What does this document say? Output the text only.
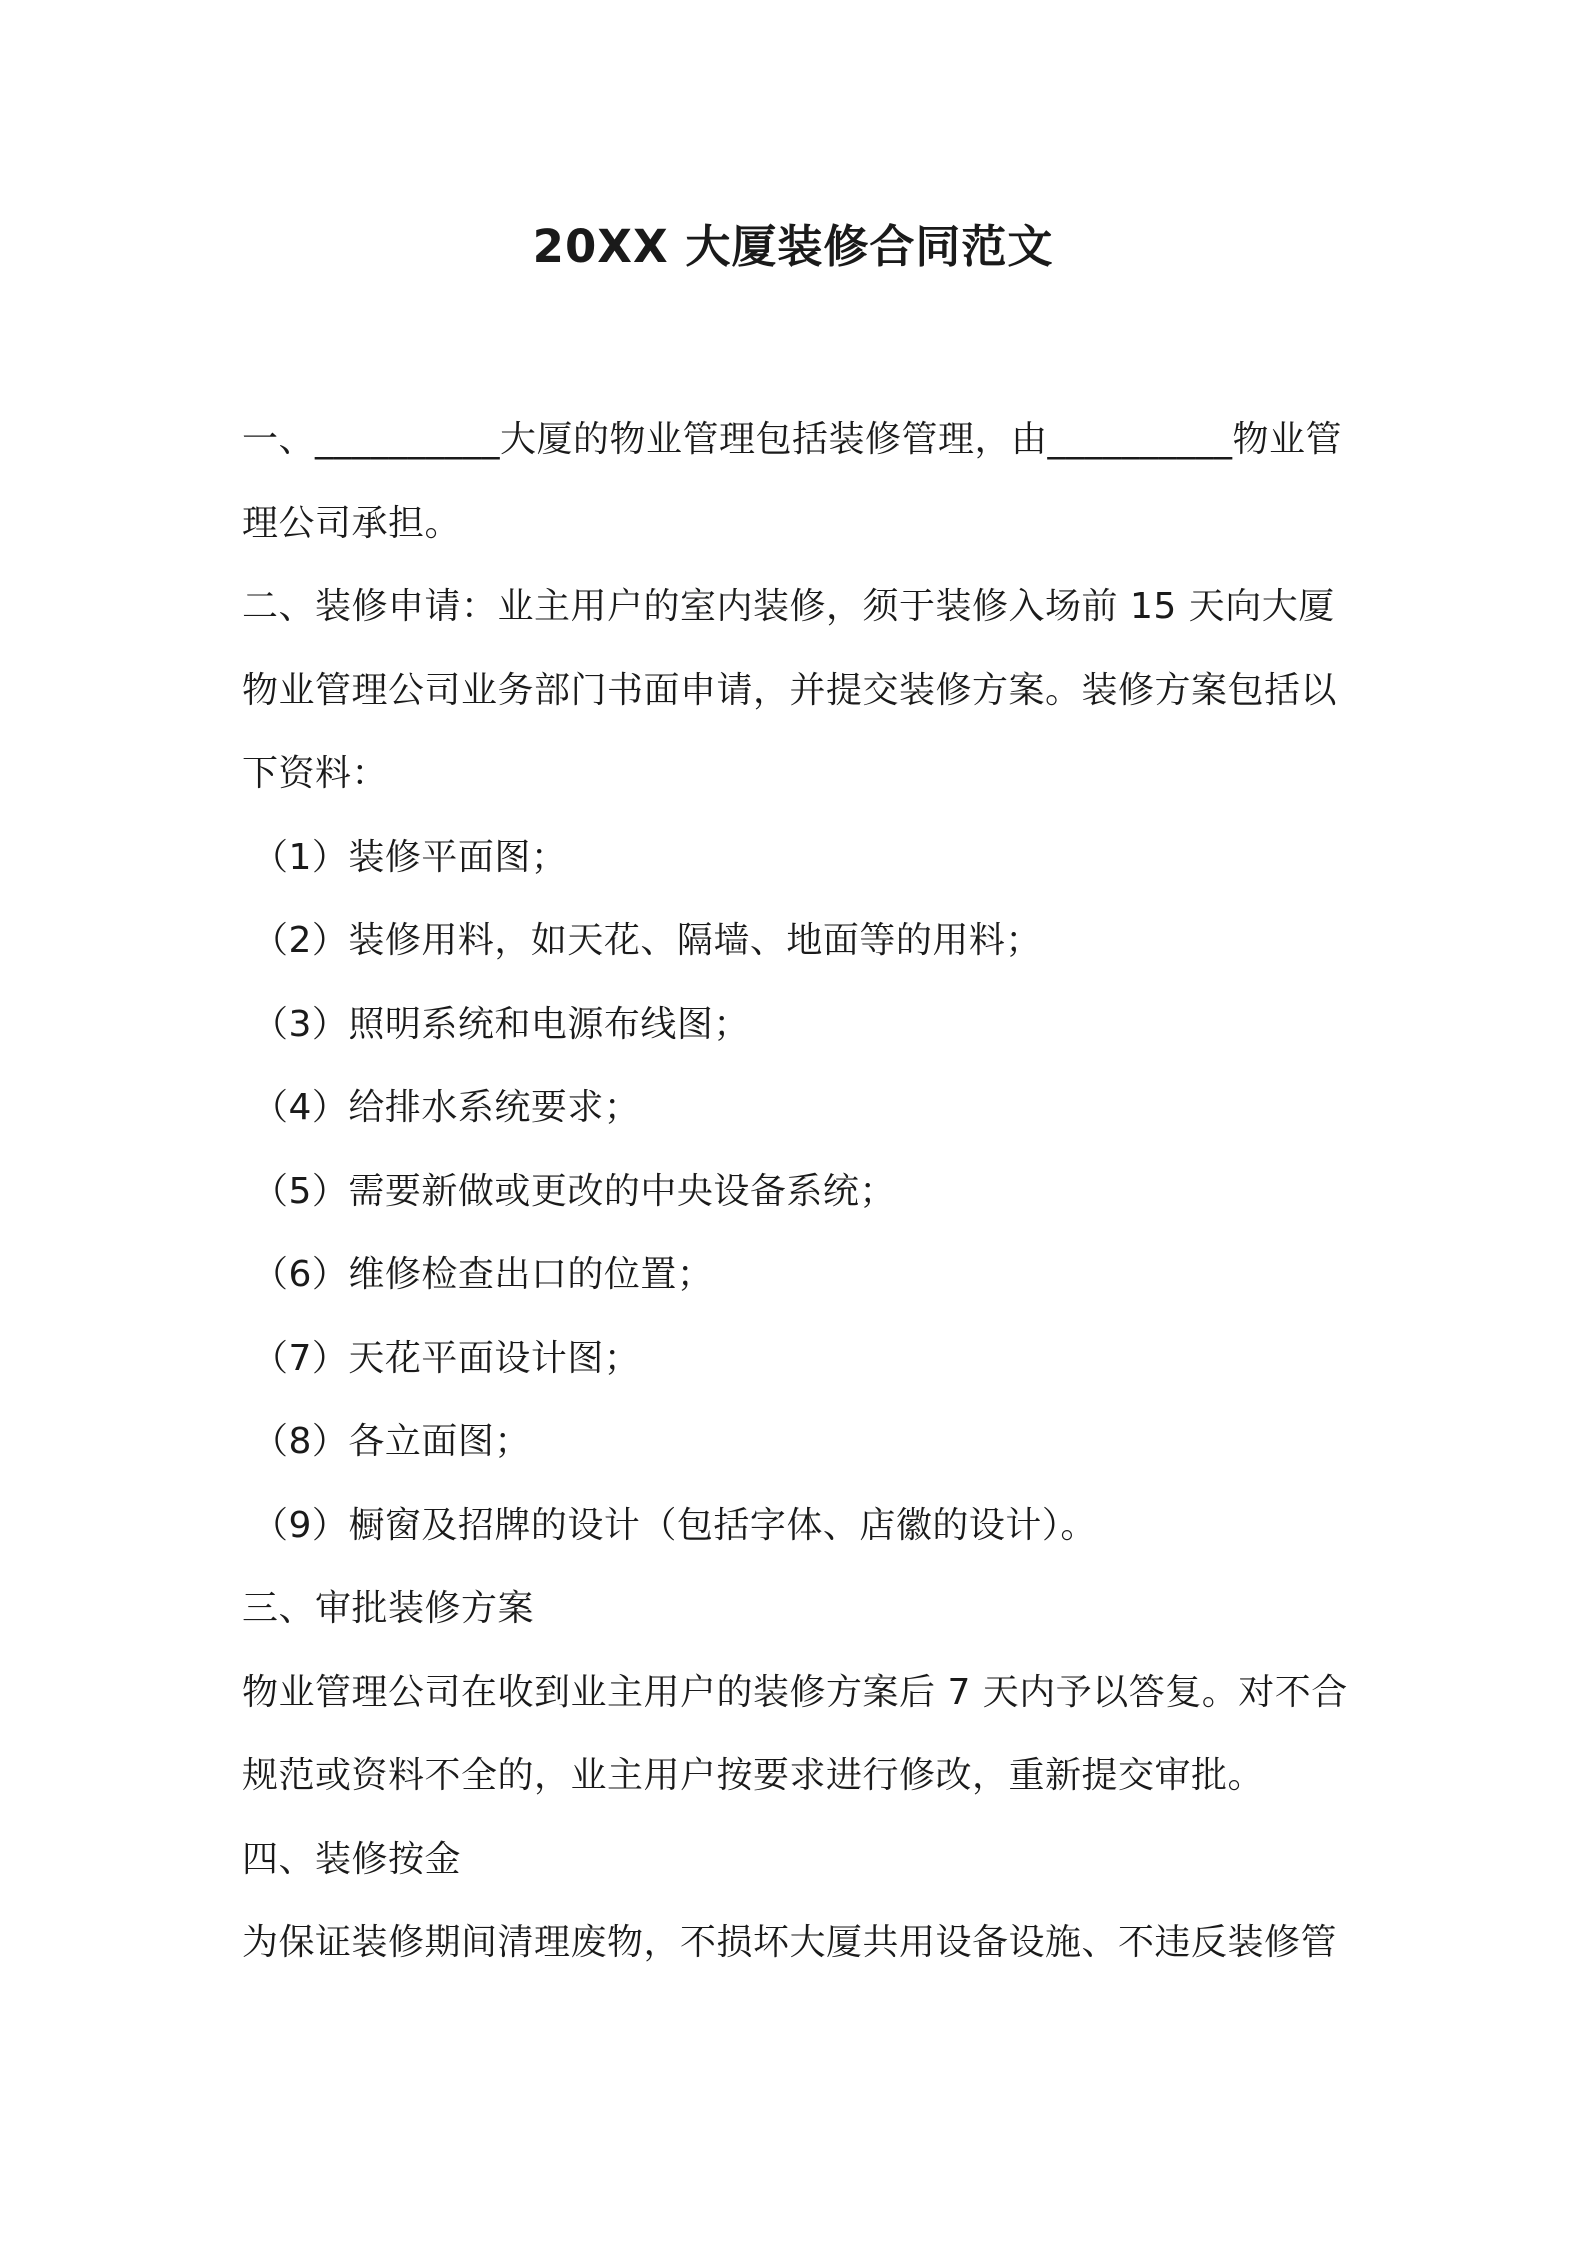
20XX 大厦装修合同范文

一、__________大厦的物业管理包括装修管理，由__________物业管

理公司承担。

二、装修申请：业主用户的室内装修，须于装修入场前 15 天向大厦

物业管理公司业务部门书面申请，并提交装修方案。装修方案包括以

下资料：

（1）装修平面图；

（2）装修用料，如天花、隔墙、地面等的用料；

（3）照明系统和电源布线图；

（4）给排水系统要求；

（5）需要新做或更改的中央设备系统；

（6）维修检查出口的位置；

（7）天花平面设计图；

（8）各立面图；

（9）橱窗及招牌的设计（包括字体、店徽的设计）。

三、审批装修方案

物业管理公司在收到业主用户的装修方案后 7 天内予以答复。对不合

规范或资料不全的，业主用户按要求进行修改，重新提交审批。

四、装修按金

为保证装修期间清理废物，不损坏大厦共用设备设施、不违反装修管
